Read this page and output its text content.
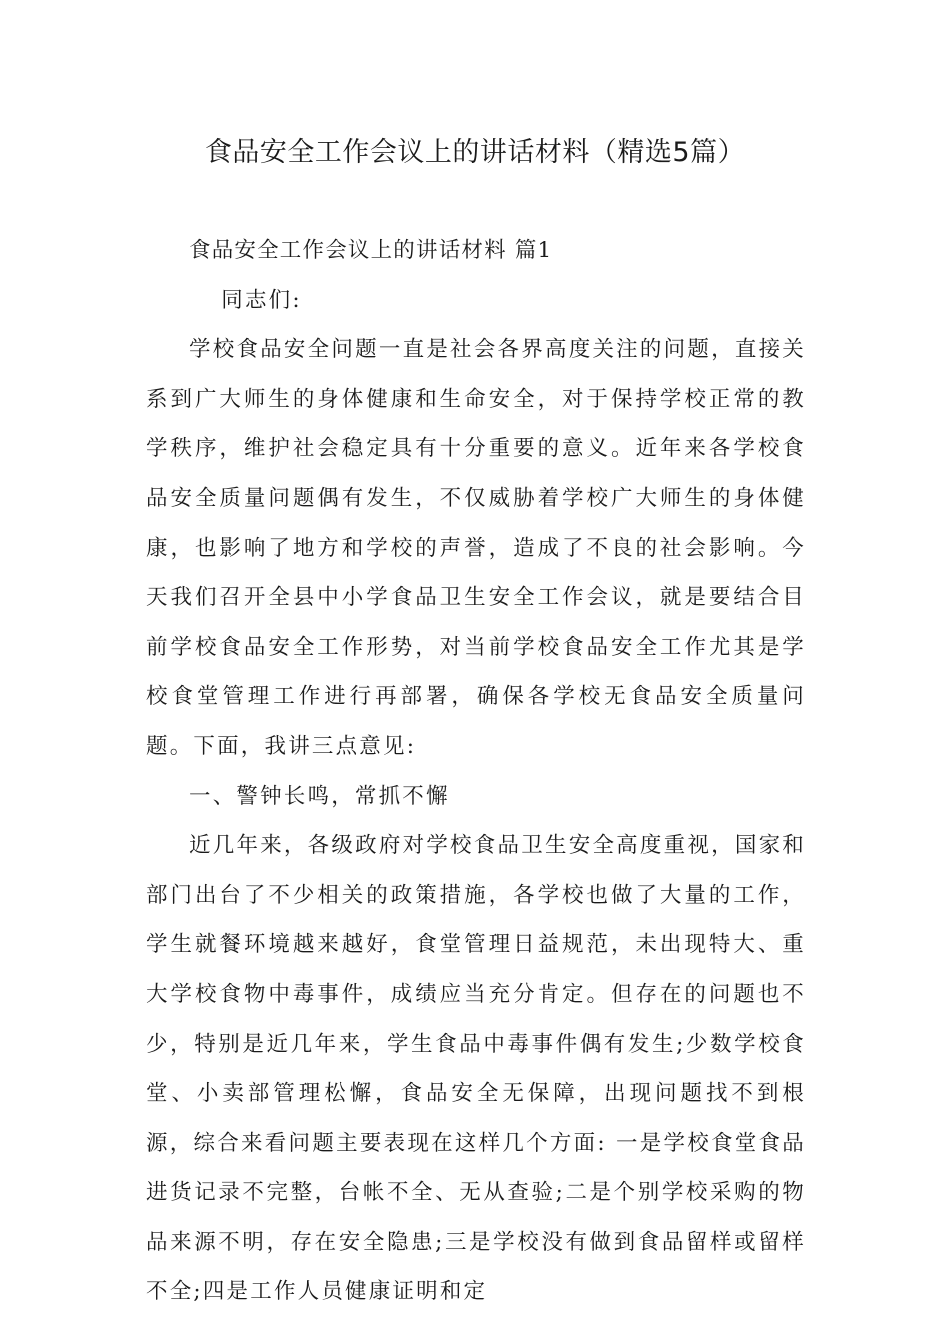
食品安全工作会议上的讲话材料（精选5篇）

食品安全工作会议上的讲话材料 篇1

同志们:

学校食品安全问题一直是社会各界高度关注的问题，直接关系到广大师生的身体健康和生命安全，对于保持学校正常的教学秩序，维护社会稳定具有十分重要的意义。近年来各学校食品安全质量问题偶有发生，不仅威胁着学校广大师生的身体健康，也影响了地方和学校的声誉，造成了不良的社会影响。今天我们召开全县中小学食品卫生安全工作会议，就是要结合目前学校食品安全工作形势，对当前学校食品安全工作尤其是学校食堂管理工作进行再部署，确保各学校无食品安全质量问题。下面，我讲三点意见:

一、警钟长鸣，常抓不懈

近几年来，各级政府对学校食品卫生安全高度重视，国家和部门出台了不少相关的政策措施，各学校也做了大量的工作，学生就餐环境越来越好，食堂管理日益规范，未出现特大、重大学校食物中毒事件，成绩应当充分肯定。但存在的问题也不少，特别是近几年来，学生食品中毒事件偶有发生;少数学校食堂、小卖部管理松懈，食品安全无保障，出现问题找不到根源，综合来看问题主要表现在这样几个方面: 一是学校食堂食品进货记录不完整，台帐不全、无从查验;二是个别学校采购的物品来源不明，存在安全隐患;三是学校没有做到食品留样或留样不全;四是工作人员健康证明和定
